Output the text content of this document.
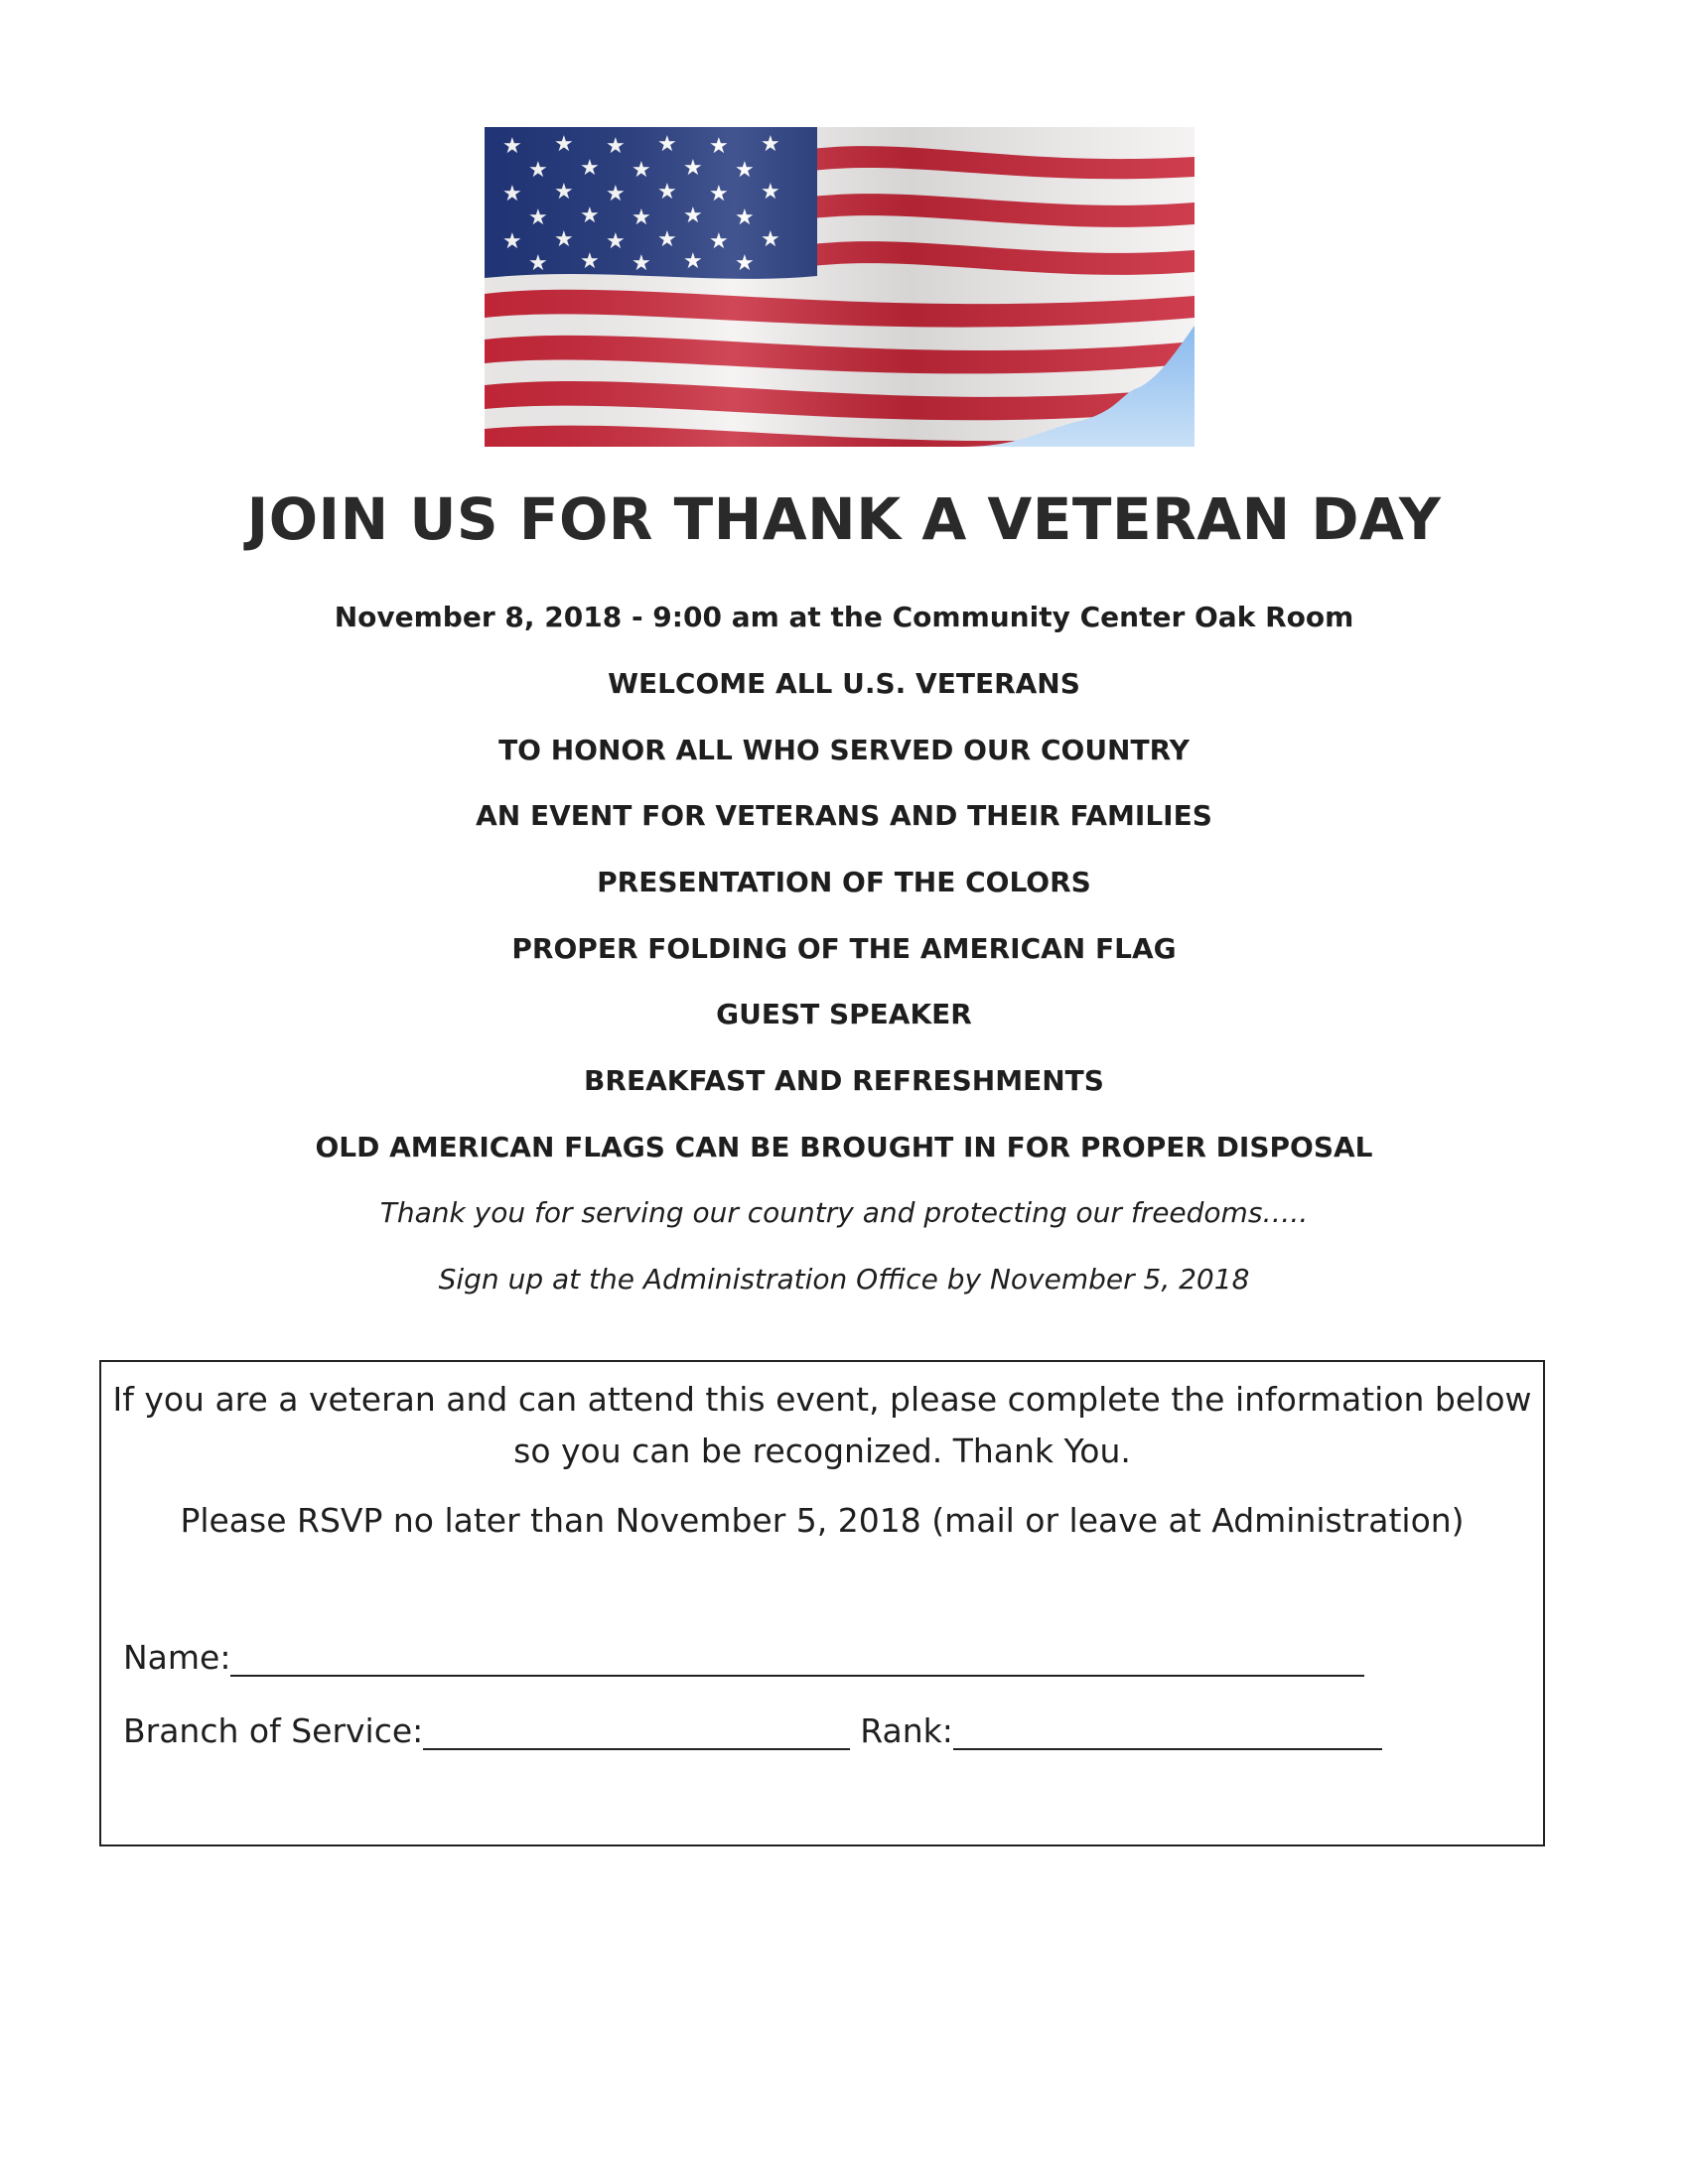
JOIN US FOR THANK A VETERAN DAY
November 8, 2018 - 9:00 am at the Community Center Oak Room
WELCOME ALL U.S. VETERANS
TO HONOR ALL WHO SERVED OUR COUNTRY
AN EVENT FOR VETERANS AND THEIR FAMILIES
PRESENTATION OF THE COLORS
PROPER FOLDING OF THE AMERICAN FLAG
GUEST SPEAKER
BREAKFAST AND REFRESHMENTS
OLD AMERICAN FLAGS CAN BE BROUGHT IN FOR PROPER DISPOSAL
Thank you for serving our country and protecting our freedoms…..
Sign up at the Administration Office by November 5, 2018
If you are a veteran and can attend this event, please complete the information below
so you can be recognized. Thank You.
Please RSVP no later than November 5, 2018 (mail or leave at Administration)
Name:
Branch of Service:	Rank:
